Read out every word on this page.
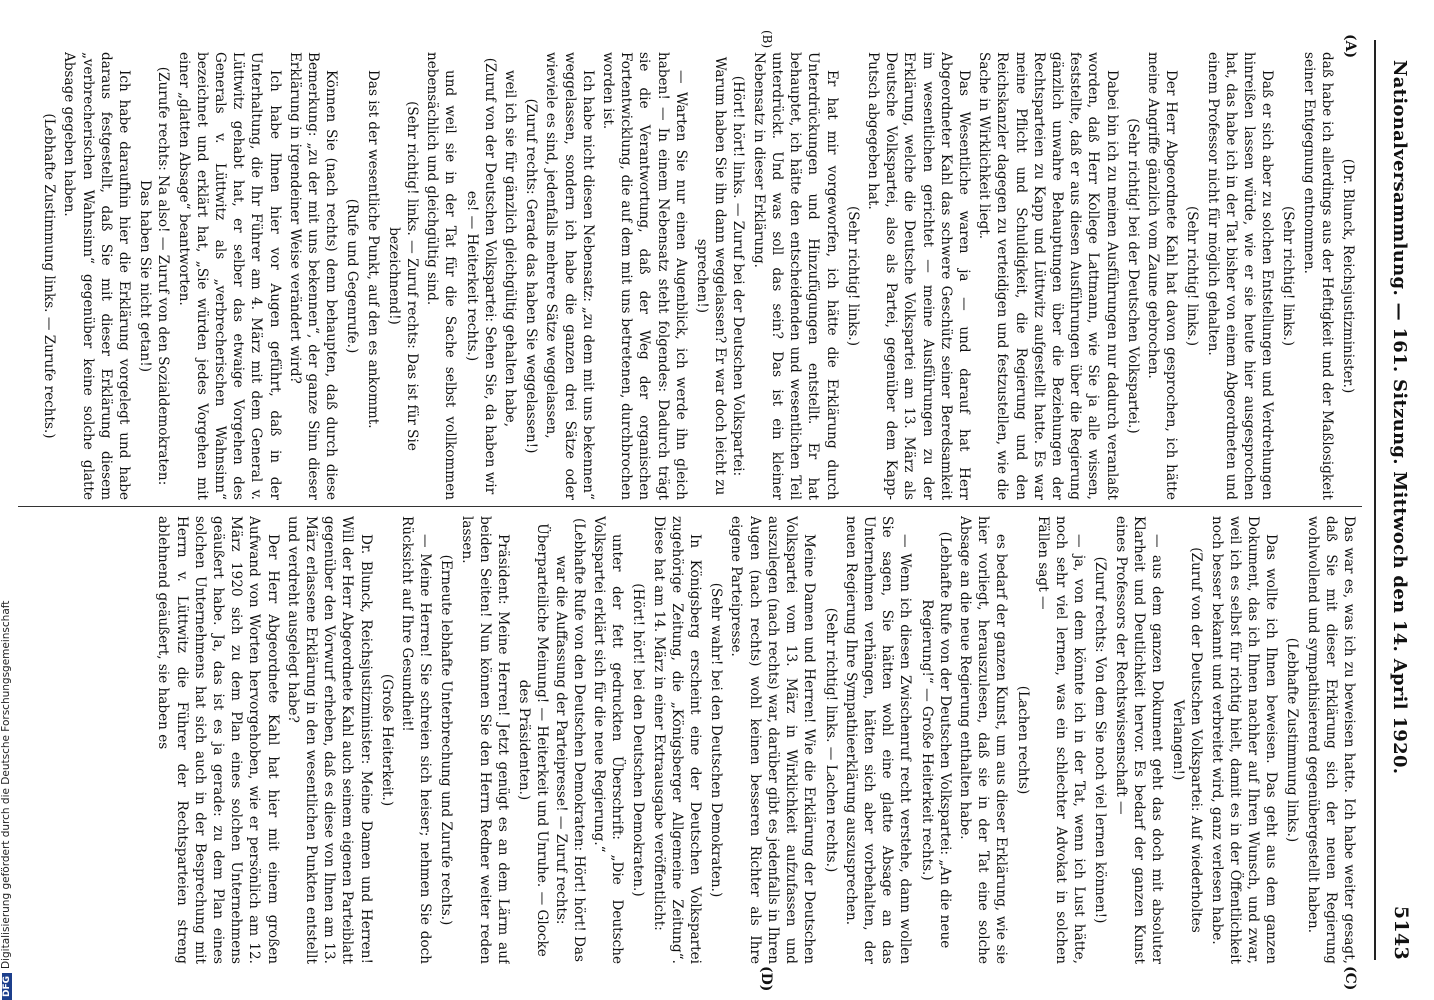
Nationalversammlung. — 161. Sitzung. Mittwoch den 14. April 1920.
5143
(A)
(B)
(C)
(D)

(Dr. Blunck, Reichsjustizminister.)

daß habe ich allerdings aus der Heftigkeit und der Maßlosigkeit seiner Entgegnung entnommen.

(Sehr richtig! links.)

Daß er sich aber zu solchen Entstellungen und Verdrehungen hinreißen lassen würde, wie er sie heute hier ausgesprochen hat, das habe ich in der Tat bisher von einem Abgeordneten und einem Professor nicht für möglich gehalten.

(Sehr richtig! links.)

Der Herr Abgeordnete Kahl hat davon gesprochen, ich hätte meine Angriffe gänzlich vom Zaune gebrochen.

(Sehr richtig! bei der Deutschen Volkspartei.)

Dabei bin ich zu meinen Ausführungen nur dadurch veranlaßt worden, daß Herr Kollege Lattmann, wie Sie ja alle wissen, feststellte, daß er aus diesen Ausführungen über die Regierung gänzlich unwahre Behauptungen über die Beziehungen der Rechtsparteien zu Kapp und Lüttwitz aufgestellt hatte. Es war meine Pflicht und Schuldigkeit, die Regierung und den Reichskanzler dagegen zu verteidigen und festzustellen, wie die Sache in Wirklichkeit liegt.

Das Wesentliche waren ja — und darauf hat Herr Abgeordneter Kahl das schwere Geschütz seiner Beredsamkeit im wesentlichen gerichtet — meine Ausführungen zu der Erklärung, welche die Deutsche Volkspartei am 13. März als Deutsche Volkspartei, also als Partei, gegenüber dem Kapp-Putsch abgegeben hat.

(Sehr richtig! links.)

Er hat mir vorgeworfen, ich hätte die Erklärung durch Unterdrückungen und Hinzufügungen entstellt. Er hat behauptet, ich hätte den entscheidenden und wesentlichen Teil unterdrückt. Und was soll das sein? Das ist ein kleiner Nebensatz in dieser Erklärung.

(Hört! hört! links. — Zuruf bei der Deutschen Volkspartei: Warum haben Sie ihn dann weggelassen? Er war doch leicht zu sprechen!)

— Warten Sie nur einen Augenblick, ich werde ihn gleich haben! — In einem Nebensatz steht folgendes: Dadurch trägt sie die Verantwortung, daß der Weg der organischen Fortentwicklung, die auf dem mit uns betretenen, durchbrochen worden ist.

Ich habe nicht diesen Nebensatz: „zu dem mit uns bekennen“ weggelassen, sondern ich habe die ganzen drei Sätze oder wieviele es sind, jedenfalls mehrere Sätze weggelassen,

(Zuruf rechts: Gerade das haben Sie weggelassen!)

weil ich sie für gänzlich gleichgültig gehalten habe,

(Zuruf von der Deutschen Volkspartei: Sehen Sie, da haben wir es! — Heiterkeit rechts.)

und weil sie in der Tat für die Sache selbst vollkommen nebensächlich und gleichgültig sind.

(Sehr richtig! links. — Zuruf rechts: Das ist für Sie bezeichnend!)

Das ist der wesentliche Punkt, auf den es ankommt.

(Rufe und Gegenrufe.)

Können Sie (nach rechts) denn behaupten, daß durch diese Bemerkung: „zu der mit uns bekennen“, der ganze Sinn dieser Erklärung in irgendeiner Weise verändert wird?

Ich habe Ihnen hier vor Augen geführt, daß in der Unterhaltung, die Ihr Führer am 4. März mit dem General v. Lüttwitz gehabt hat, er selber das etwaige Vorgehen des Generals v. Lüttwitz als „verbrecherischen Wahnsinn“ bezeichnet und erklärt hat, „Sie würden jedes Vorgehen mit einer „glatten Absage“ beantworten.

(Zurufe rechts: Na also! — Zuruf von den Sozialdemokraten: Das haben Sie nicht getan!)

Ich habe daraufhin hier die Erklärung vorgelegt und habe daraus festgestellt, daß Sie mit dieser Erklärung diesem „verbrecherischen Wahnsinn“ gegenüber keine solche glatte Absage gegeben haben.

(Lebhafte Zustimmung links. — Zurufe rechts.)

Das war es, was ich zu beweisen hatte. Ich habe weiter gesagt, daß Sie mit dieser Erklärung sich der neuen Regierung wohlwollend und sympathisierend gegenübergestellt haben.

(Lebhafte Zustimmung links.)

Das wollte ich Ihnen beweisen. Das geht aus dem ganzen Dokument, das ich Ihnen nachher auf Ihren Wunsch, und zwar, weil ich es selbst für richtig hielt, damit es in der Öffentlichkeit noch besser bekannt und verbreitet wird, ganz verlesen habe.

(Zuruf von der Deutschen Volkspartei: Auf wiederholtes Verlangen!)

— aus dem ganzen Dokument geht das doch mit absoluter Klarheit und Deutlichkeit hervor. Es bedarf der ganzen Kunst eines Professors der Rechtswissenschaft —

(Zuruf rechts: Von dem Sie noch viel lernen können!)

— ja, von dem könnte ich in der Tat, wenn ich Lust hätte, noch sehr viel lernen, was ein schlechter Advokat in solchen Fällen sagt —

(Lachen rechts)

es bedarf der ganzen Kunst, um aus dieser Erklärung, wie sie hier vorliegt, herauszulesen, daß sie in der Tat eine solche Absage an die neue Regierung enthalten habe.

(Lebhafte Rufe von der Deutschen Volkspartei: „An die neue Regierung!“ — Große Heiterkeit rechts.)

— Wenn ich diesen Zwischenruf recht verstehe, dann wollen Sie sagen, Sie hätten wohl eine glatte Absage an das Unternehmen verhängen, hätten sich aber vorbehalten, der neuen Regierung Ihre Sympathieerklärung auszusprechen.

(Sehr richtig! links. — Lachen rechts.)

Meine Damen und Herren! Wie die Erklärung der Deutschen Volkspartei vom 13. März in Wirklichkeit aufzufassen und auszulegen (nach rechts) war, darüber gibt es jedenfalls in Ihren Augen (nach rechts) wohl keinen besseren Richter als Ihre eigene Parteipresse.

(Sehr wahr! bei den Deutschen Demokraten.)

In Königsberg erscheint eine der Deutschen Volkspartei zugehörige Zeitung, die „Königsberger Allgemeine Zeitung“. Diese hat am 14. März in einer Extraausgabe veröffentlicht:

(Hört! hört! bei den Deutschen Demokraten.)

unter der fett gedruckten Überschrift: „Die Deutsche Volkspartei erklärt sich für die neue Regierung.“

(Lebhafte Rufe von den Deutschen Demokraten: Hört! hört! Das war die Auffassung der Parteipresse! — Zuruf rechts: Überparteiliche Meinung! — Heiterkeit und Unruhe. — Glocke des Präsidenten.)

Präsident: Meine Herren! Jetzt genügt es an dem Lärm auf beiden Seiten! Nun können Sie den Herrn Redner weiter reden lassen.

(Erneute lebhafte Unterbrechung und Zurufe rechts.)

— Meine Herren! Sie schreien sich heiser; nehmen Sie doch Rücksicht auf Ihre Gesundheit!

(Große Heiterkeit.)

Dr. Blunck, Reichsjustizminister: Meine Damen und Herren! Will der Herr Abgeordnete Kahl auch seinem eigenen Parteiblatt gegenüber den Vorwurf erheben, daß es diese von Ihnen am 13. März erlassene Erklärung in den wesentlichen Punkten entstellt und verdreht ausgelegt habe?

Der Herr Abgeordnete Kahl hat hier mit einem großen Aufwand von Worten hervorgehoben, wie er persönlich am 12. März 1920 sich zu dem Plan eines solchen Unternehmens geäußert habe. Ja, das ist es ja gerade: zu dem Plan eines solchen Unternehmens hat sich auch in der Besprechung mit Herrn v. Lüttwitz die Führer der Rechtsparteien streng ablehnend geäußert, sie haben es

DFGDigitalisierung gefördert durch die Deutsche Forschungsgemeinschaft
